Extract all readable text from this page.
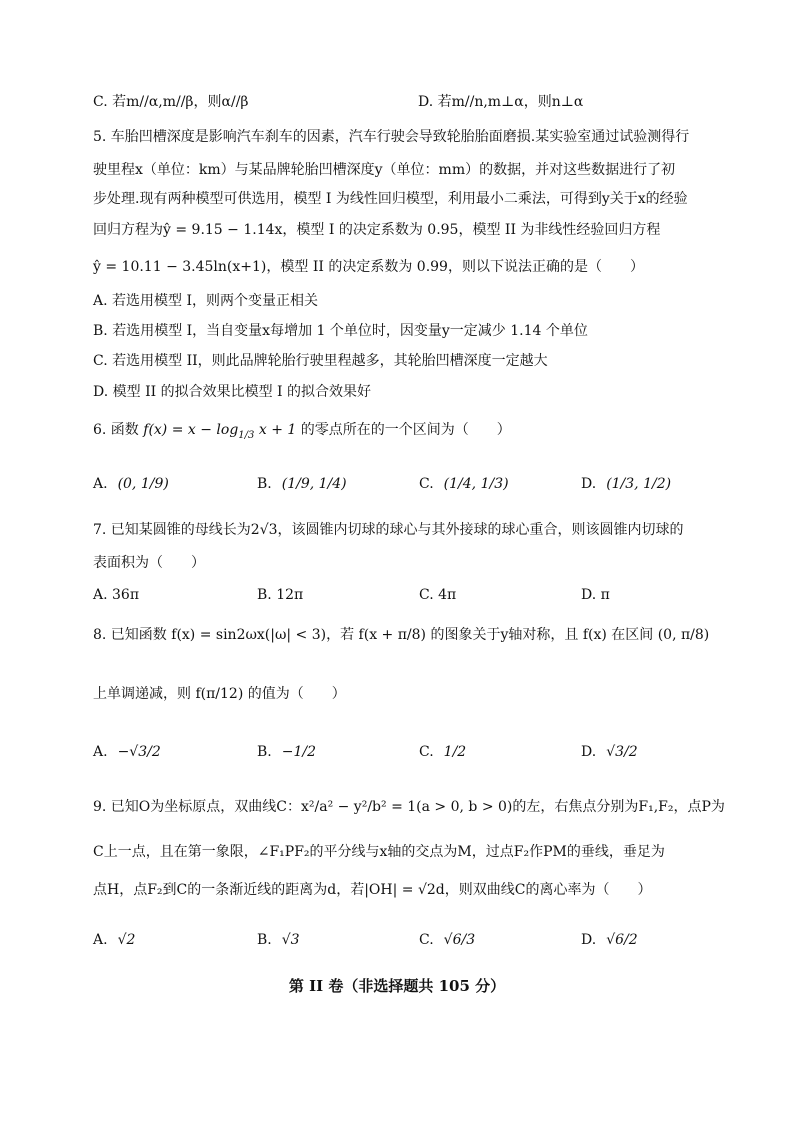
C. 若m//α,m//β，则α//β	D. 若m//n,m⊥α，则n⊥α
5. 车胎凹槽深度是影响汽车刹车的因素，汽车行驶会导致轮胎胎面磨损.某实验室通过试验测得行
驶里程x（单位：km）与某品牌轮胎凹槽深度y（单位：mm）的数据，并对这些数据进行了初
步处理.现有两种模型可供选用，模型 I 为线性回归模型，利用最小二乘法，可得到y关于x的经验
回归方程为ŷ = 9.15 − 1.14x，模型 I 的决定系数为 0.95，模型 II 为非线性经验回归方程
ŷ = 10.11 − 3.45ln(x+1)，模型 II 的决定系数为 0.99，则以下说法正确的是（　　）
A. 若选用模型 I，则两个变量正相关
B. 若选用模型 I，当自变量x每增加 1 个单位时，因变量y一定减少 1.14 个单位
C. 若选用模型 II，则此品牌轮胎行驶里程越多，其轮胎凹槽深度一定越大
D. 模型 II 的拟合效果比模型 I 的拟合效果好
6. 函数 $f(x) = x - \log_{1/3} x + 1$ 的零点所在的一个区间为（　　）
A. (0, 1/9)	B. (1/9, 1/4)	C. (1/4, 1/3)	D. (1/3, 1/2)
7. 已知某圆锥的母线长为2√3，该圆锥内切球的球心与其外接球的球心重合，则该圆锥内切球的
表面积为（　　）
A. 36π	B. 12π	C. 4π	D. π
8. 已知函数 f(x) = sin2ωx(|ω| < 3)，若 f(x + π/8) 的图象关于y轴对称，且 f(x) 在区间 (0, π/8)
上单调递减，则 f(π/12) 的值为（　　）
A. −√3/2	B. −1/2	C. 1/2	D. √3/2
9. 已知O为坐标原点，双曲线C：x²/a² − y²/b² = 1(a > 0, b > 0)的左，右焦点分别为F₁,F₂，点P为
C上一点，且在第一象限，∠F₁PF₂的平分线与x轴的交点为M，过点F₂作PM的垂线，垂足为
点H，点F₂到C的一条渐近线的距离为d，若|OH| = √2d，则双曲线C的离心率为（　　）
A. √2	B. √3	C. √6/3	D. √6/2
第 II 卷（非选择题共 105 分）
